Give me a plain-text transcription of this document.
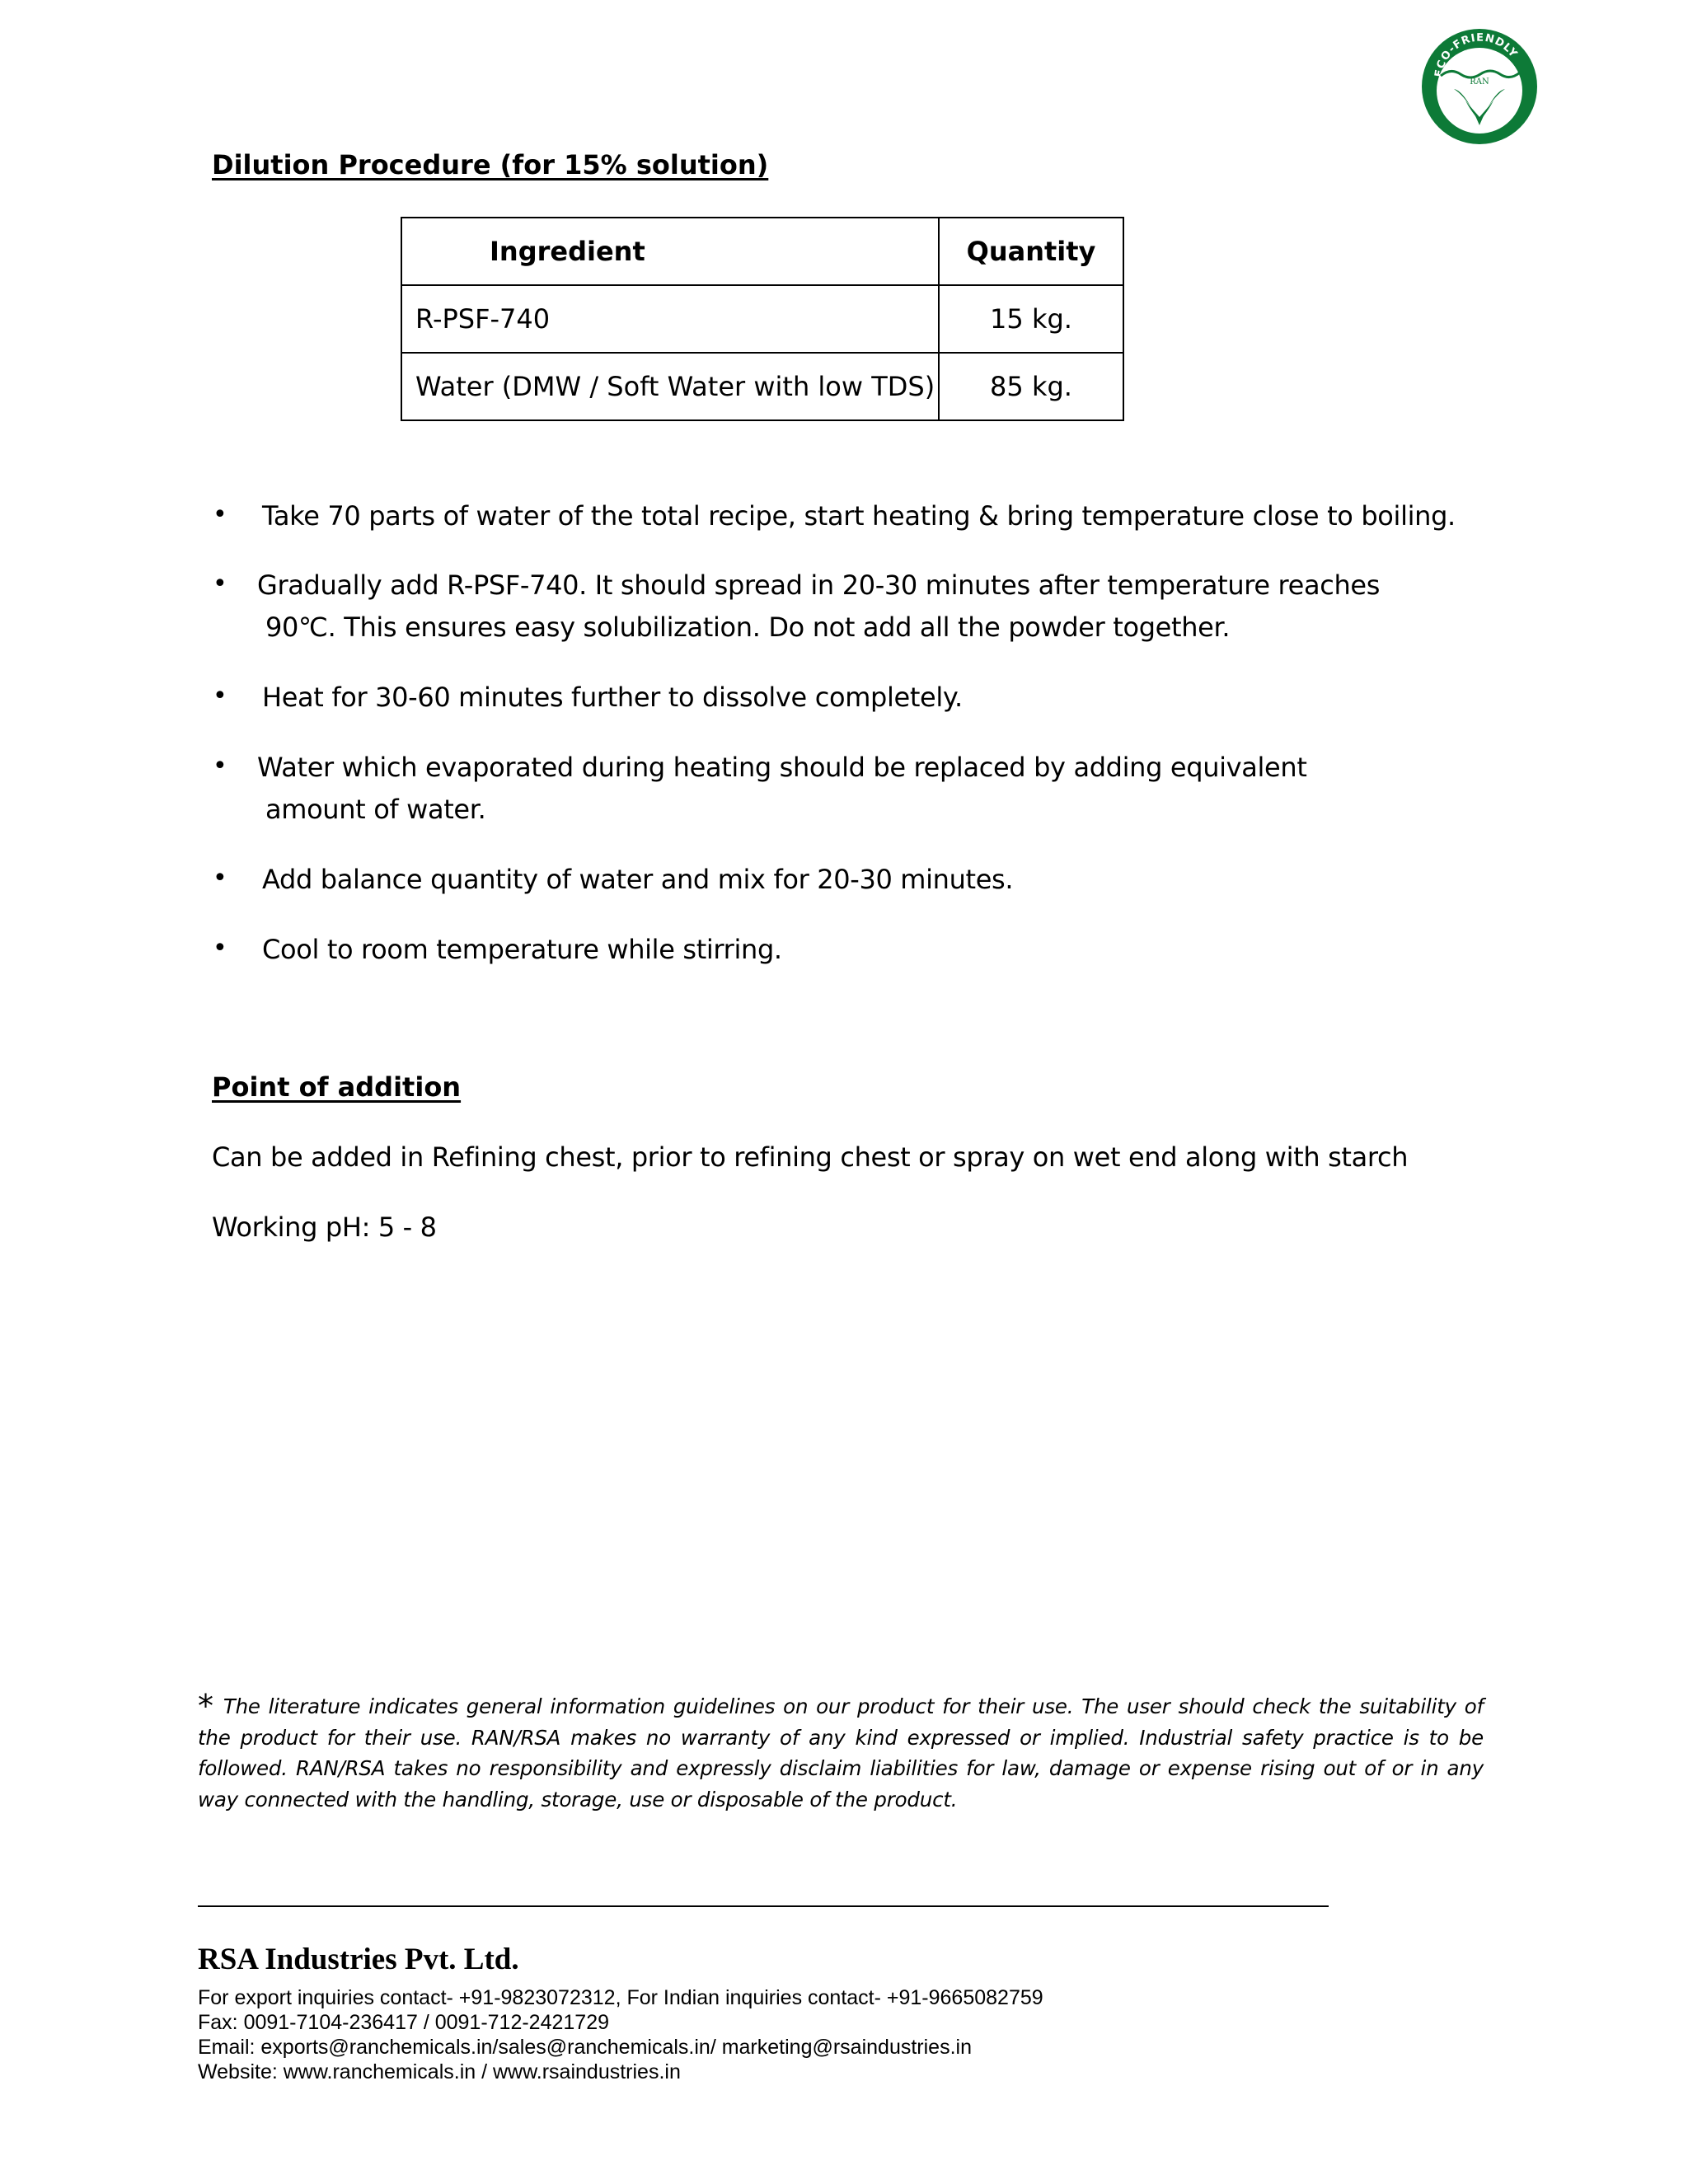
ECO-FRIENDLY
RAN
Dilution Procedure (for 15% solution)
Ingredient	Quantity
R-PSF-740	15 kg.
Water (DMW / Soft Water with low TDS)	85 kg.
• Take 70 parts of water of the total recipe, start heating & bring temperature close to boiling.
• Gradually add R-PSF-740. It should spread in 20-30 minutes after temperature reaches
90℃. This ensures easy solubilization. Do not add all the powder together.
• Heat for 30-60 minutes further to dissolve completely.
• Water which evaporated during heating should be replaced by adding equivalent
amount of water.
• Add balance quantity of water and mix for 20-30 minutes.
• Cool to room temperature while stirring.
Point of addition
Can be added in Refining chest, prior to refining chest or spray on wet end along with starch
Working pH: 5 - 8
* The literature indicates general information guidelines on our product for their use. The user should check the suitability of the product for their use. RAN/RSA makes no warranty of any kind expressed or implied. Industrial safety practice is to be followed. RAN/RSA takes no responsibility and expressly disclaim liabilities for law, damage or expense rising out of or in any way connected with the handling, storage, use or disposable of the product.
RSA Industries Pvt. Ltd.
For export inquiries contact- +91-9823072312, For Indian inquiries contact- +91-9665082759
Fax: 0091-7104-236417 / 0091-712-2421729
Email: exports@ranchemicals.in/sales@ranchemicals.in/ marketing@rsaindustries.in
Website: www.ranchemicals.in / www.rsaindustries.in
